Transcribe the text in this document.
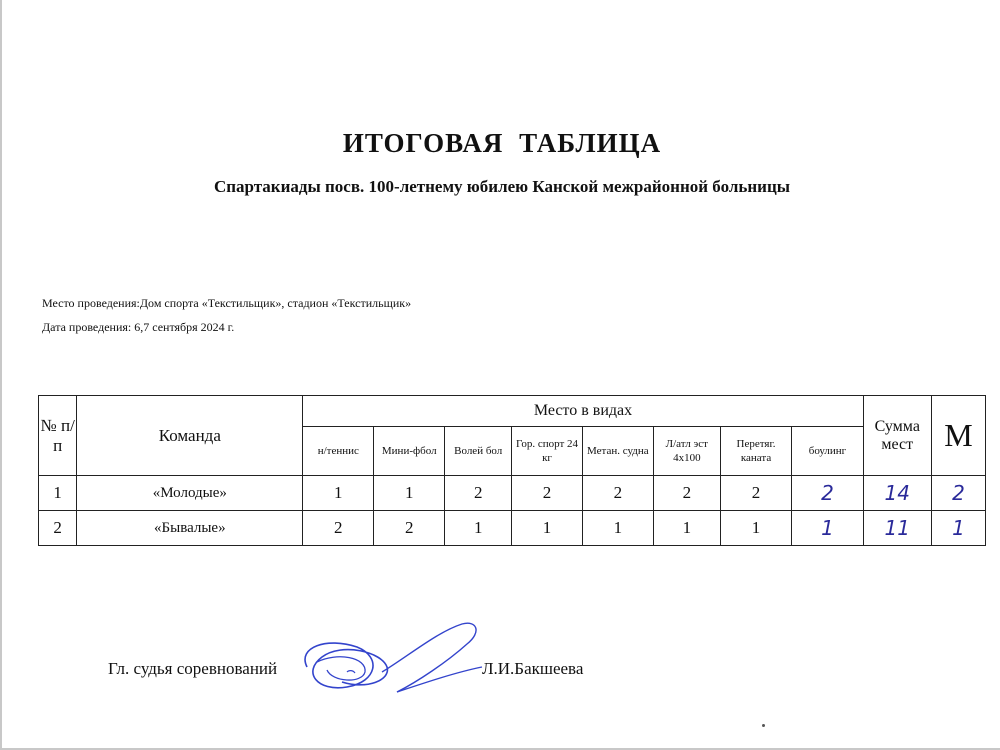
ИТОГОВАЯ ТАБЛИЦА
Спартакиады посв. 100-летнему юбилею Канской межрайонной больницы
Место проведения:Дом спорта «Текстильщик», стадион «Текстильщик»
Дата проведения: 6,7 сентября 2024 г.
№ п/п	Команда	Место в видах								Сумма мест	М
		н/теннис	Мини-фбол	Волей бол	Гор. спорт 24 кг	Метан. судна	Л/атл эст 4х100	Перетяг. каната	боулинг		
1	«Молодые»	1	1	2	2	2	2	2	2	14	2
2	«Бывалые»	2	2	1	1	1	1	1	1	11	1
Гл. судья соревнований	Л.И.Бакшеева
